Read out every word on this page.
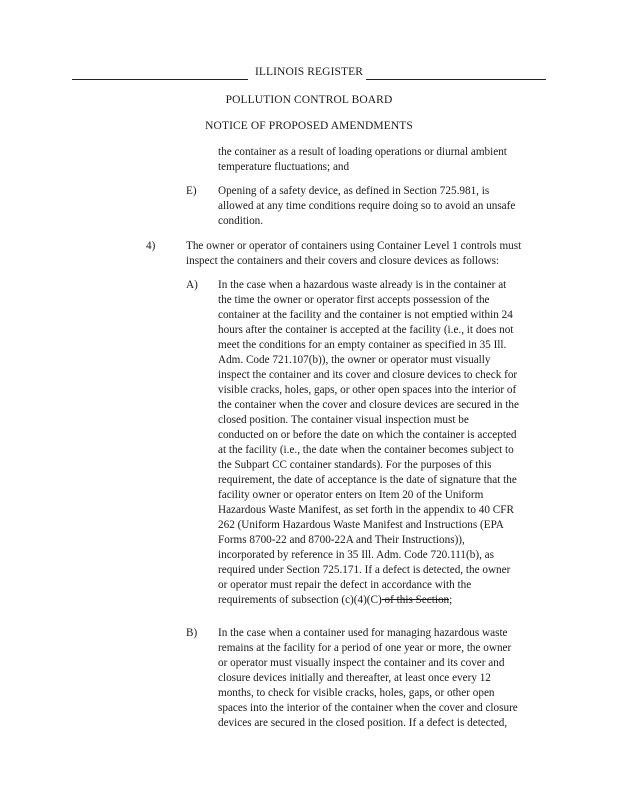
ILLINOIS REGISTER
POLLUTION CONTROL BOARD
NOTICE OF PROPOSED AMENDMENTS
the container as a result of loading operations or diurnal ambient
temperature fluctuations; and
E) Opening of a safety device, as defined in Section 725.981, is
allowed at any time conditions require doing so to avoid an unsafe
condition.
4)	The owner or operator of containers using Container Level 1 controls must
inspect the containers and their covers and closure devices as follows:
A) In the case when a hazardous waste already is in the container at
the time the owner or operator first accepts possession of the
container at the facility and the container is not emptied within 24
hours after the container is accepted at the facility (i.e., it does not
meet the conditions for an empty container as specified in 35 Ill.
Adm. Code 721.107(b)), the owner or operator must visually
inspect the container and its cover and closure devices to check for
visible cracks, holes, gaps, or other open spaces into the interior of
the container when the cover and closure devices are secured in the
closed position. The container visual inspection must be
conducted on or before the date on which the container is accepted
at the facility (i.e., the date when the container becomes subject to
the Subpart CC container standards). For the purposes of this
requirement, the date of acceptance is the date of signature that the
facility owner or operator enters on Item 20 of the Uniform
Hazardous Waste Manifest, as set forth in the appendix to 40 CFR
262 (Uniform Hazardous Waste Manifest and Instructions (EPA
Forms 8700-22 and 8700-22A and Their Instructions)),
incorporated by reference in 35 Ill. Adm. Code 720.111(b), as
required under Section 725.171. If a defect is detected, the owner
or operator must repair the defect in accordance with the
requirements of subsection (c)(4)(C) of this Section;
B) In the case when a container used for managing hazardous waste
remains at the facility for a period of one year or more, the owner
or operator must visually inspect the container and its cover and
closure devices initially and thereafter, at least once every 12
months, to check for visible cracks, holes, gaps, or other open
spaces into the interior of the container when the cover and closure
devices are secured in the closed position. If a defect is detected,
